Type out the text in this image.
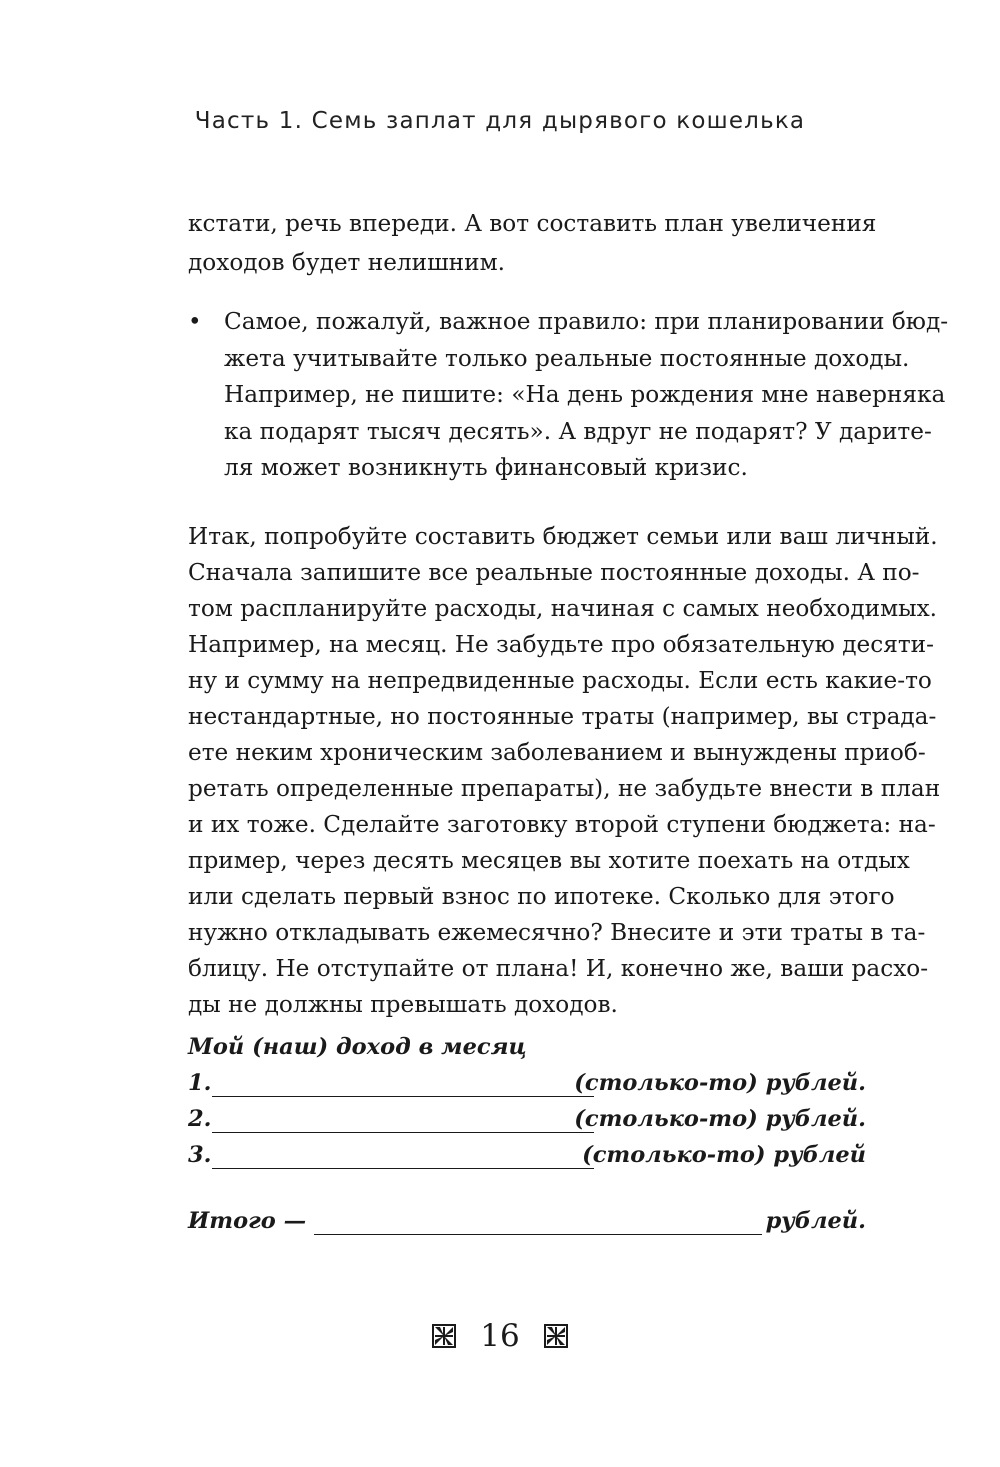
Часть 1. Семь заплат для дырявого кошелька
кстати, речь впереди. А вот составить план увеличения
доходов будет нелишним.
• Самое, пожалуй, важное правило: при планировании бюд-
жета учитывайте только реальные постоянные доходы.
Например, не пишите: «На день рождения мне навернякa
ка подарят тысяч десять». А вдруг не подарят? У дарите-
ля может возникнуть финансовый кризис.
Итак, попробуйте составить бюджет семьи или ваш личный.
Сначала запишите все реальные постоянные доходы. А по-
том распланируйте расходы, начиная с самых необходимых.
Например, на месяц. Не забудьте про обязательную десяти-
ну и сумму на непредвиденные расходы. Если есть какие-то
нестандартные, но постоянные траты (например, вы страда-
ете неким хроническим заболеванием и вынуждены приоб-
ретать определенные препараты), не забудьте внести в план
и их тоже. Сделайте заготовку второй ступени бюджета: на-
пример, через десять месяцев вы хотите поехать на отдых
или сделать первый взнос по ипотеке. Сколько для этого
нужно откладывать ежемесячно? Внесите и эти траты в та-
блицу. Не отступайте от плана! И, конечно же, ваши расхо-
ды не должны превышать доходов.
Мой (наш) доход в месяц
1.	(столько-то) рублей.
2.	(столько-то) рублей.
3.	(столько-то) рублей
Итого —	рублей.
16
